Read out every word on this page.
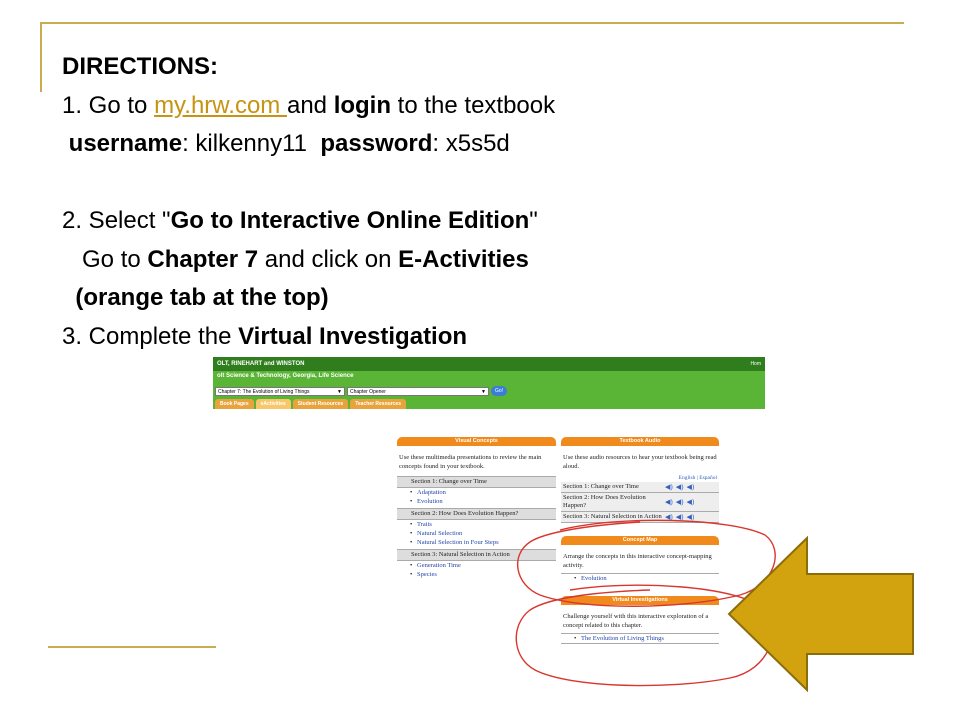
DIRECTIONS:
1. Go to my.hrw.com and login to the textbook
username: kilkenny11  password: x5s5d

2. Select "Go to Interactive Online Edition"
Go to Chapter 7 and click on E-Activities
(orange tab at the top)
3. Complete the Virtual Investigation
OLT, RINEHART and WINSTON	Hom
olt Science & Technology, Georgia, Life Science
Chapter 7: The Evolution of Living Things	▼	Chapter Opener	▼	Go!
Book Pages	eActivities	Student Resources	Teacher Resources
Visual Concepts
Use these multimedia presentations to review the main concepts found in your textbook.
Section 1: Change over Time
• Adaptation
• Evolution
Section 2: How Does Evolution Happen?
• Traits
• Natural Selection
• Natural Selection in Four Steps
Section 3: Natural Selection in Action
• Generation Time
• Species
Textbook Audio
Use these audio resources to hear your textbook being read aloud.
English | Español
Section 1: Change over Time	◀) ◀) ◀)
Section 2: How Does Evolution Happen?	◀) ◀) ◀)
Section 3: Natural Selection in Action ◀) ◀) ◀)
Concept Map
Arrange the concepts in this interactive concept-mapping activity.
• Evolution
Virtual Investigations
Challenge yourself with this interactive exploration of a concept related to this chapter.
• The Evolution of Living Things
